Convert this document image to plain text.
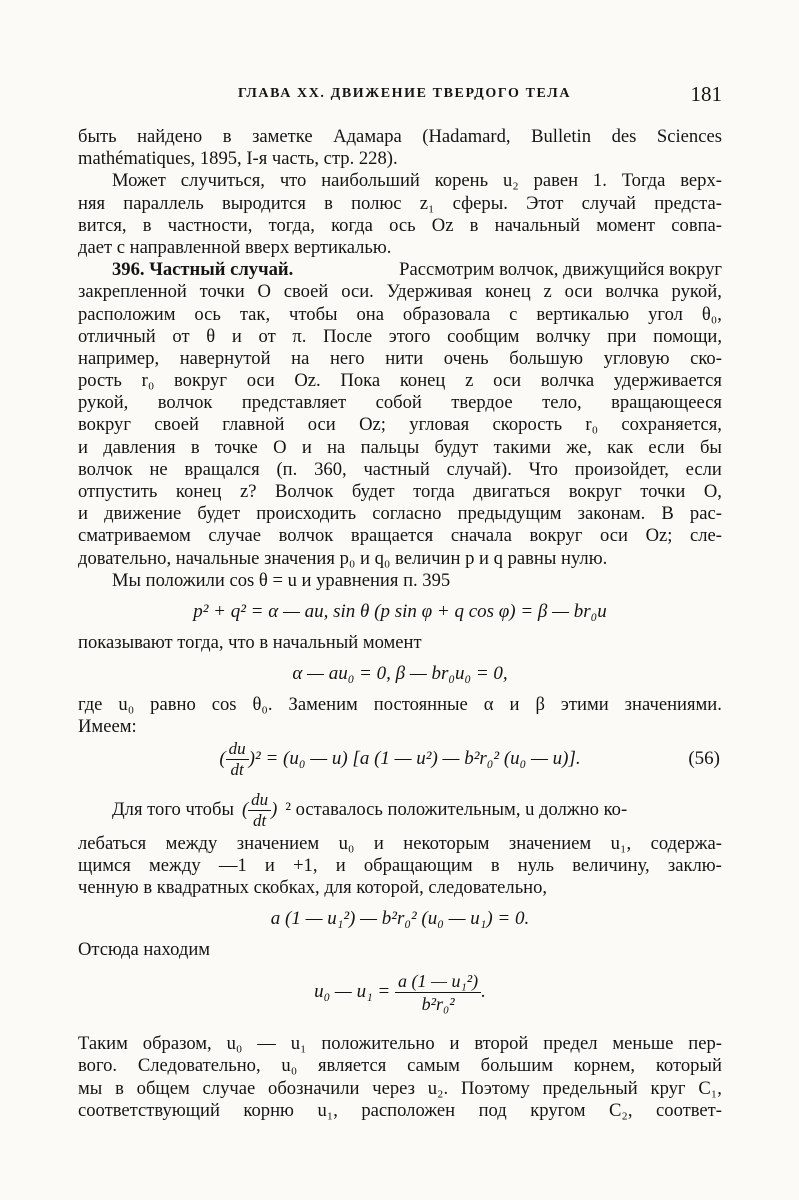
ГЛАВА XX. ДВИЖЕНИЕ ТВЕРДОГО ТЕЛА	181
быть найдено в заметке Адамара (Hadamard, Bulletin des Sciences
mathématiques, 1895, I-я часть, стр. 228).
Может случиться, что наибольший корень u₂ равен 1. Тогда верх-
няя параллель выродится в полюс z₁ сферы. Этот случай предста-
вится, в частности, тогда, когда ось Oz в начальный момент совпа-
дает с направленной вверх вертикалью.
396. Частный случай.	Рассмотрим волчок, движущийся вокруг
закрепленной точки O своей оси. Удерживая конец z оси волчка рукой,
расположим ось так, чтобы она образовала с вертикалью угол θ₀,
отличный от θ и от π. После этого сообщим волчку при помощи,
например, навернутой на него нити очень большую угловую ско-
рость r₀ вокруг оси Oz. Пока конец z оси волчка удерживается
рукой, волчок представляет собой твердое тело, вращающееся
вокруг своей главной оси Oz; угловая скорость r₀ сохраняется,
и давления в точке O и на пальцы будут такими же, как если бы
волчок не вращался (п. 360, частный случай). Что произойдет, если
отпустить конец z? Волчок будет тогда двигаться вокруг точки O,
и движение будет происходить согласно предыдущим законам. В рас-
сматриваемом случае волчок вращается сначала вокруг оси Oz; сле-
довательно, начальные значения p₀ и q₀ величин p и q равны нулю.
Мы положили cos θ = u и уравнения п. 395
p² + q² = α — au, sin θ (p sin φ + q cos φ) = β — br₀u
показывают тогда, что в начальный момент
α — au₀ = 0, β — br₀u₀ = 0,
где u₀ равно cos θ₀. Заменим постоянные α и β этими значениями.
Имеем:
( $\frac{du}{dt} )^2 = (u_0$ — u) [a (1 — u²) — b²r₀² (u₀ — u)].	(56)
Для того чтобы ( $\frac{du}{dt}$ ) ² оставалось положительным, u должно ко-
лебаться между значением u₀ и некоторым значением u₁, содержа-
щимся между —1 и +1, и обращающим в нуль величину, заклю-
ченную в квадратных скобках, для которой, следовательно,
a (1 — u₁²) — b²r₀² (u₀ — u₁) = 0.
Отсюда находим
u₀ — $u_1 = \frac{\text{a (1 — u₁²)}}{\text{b²r₀²}}$ .
Таким образом, u₀ — u₁ положительно и второй предел меньше пер-
вого. Следовательно, u₀ является самым большим корнем, который
мы в общем случае обозначили через u₂. Поэтому предельный круг C₁,
соответствующий корню u₁, расположен под кругом C₂, соответ-
